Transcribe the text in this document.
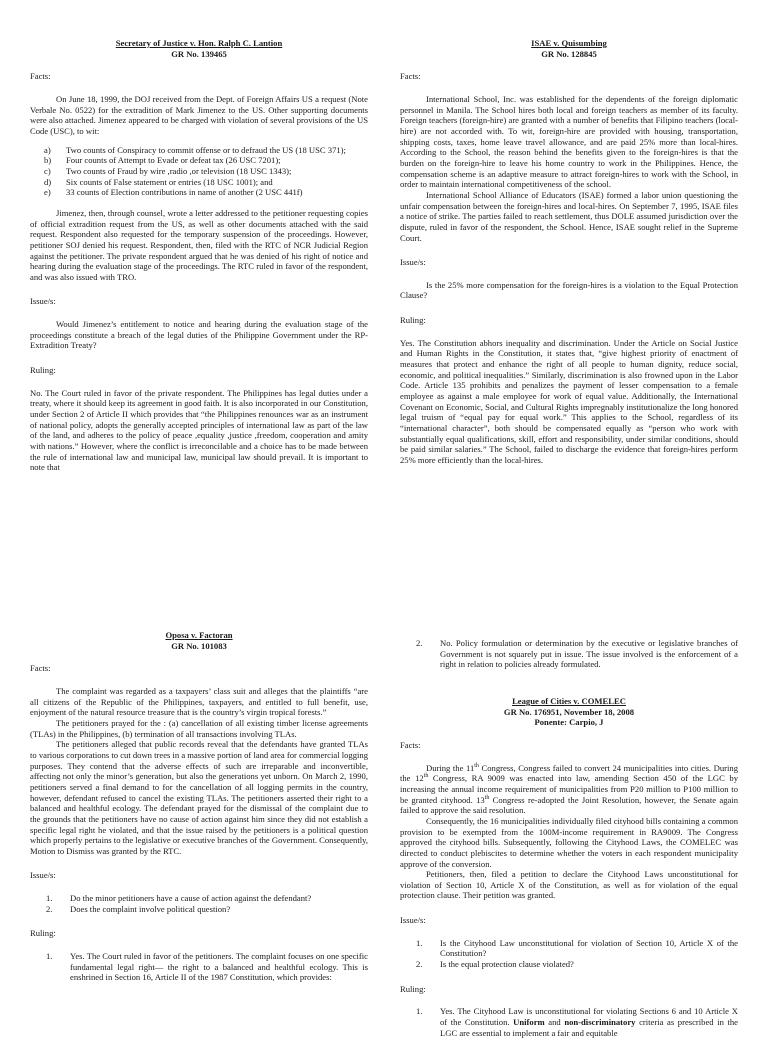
Secretary of Justice v. Hon. Ralph C. Lantion

GR No. 139465

Facts:

On June 18, 1999, the DOJ received from the Dept. of Foreign Affairs US a request (Note Verbale No. 0522) for the extradition of Mark Jimenez to the US. Other supporting documents were also attached. Jimenez appeared to be charged with violation of several provisions of the US Code (USC), to wit:

a) Two counts of Conspiracy to commit offense or to defraud the US (18 USC 371);
b) Four counts of Attempt to Evade or defeat tax (26 USC 7201);
c) Two counts of Fraud by wire ,radio ,or television (18 USC 1343);
d) Six counts of False statement or entries (18 USC 1001); and
e) 33 counts of Election contributions in name of another (2 USC 441f)

Jimenez, then, through counsel, wrote a letter addressed to the petitioner requesting copies of official extradition request from the US, as well as other documents attached with the said request. Respondent also requested for the temporary suspension of the proceedings. However, petitioner SOJ denied his request. Respondent, then, filed with the RTC of NCR Judicial Region against the petitioner. The private respondent argued that he was denied of his right of notice and hearing during the evaluation stage of the proceedings. The RTC ruled in favor of the respondent, and was also issued with TRO.

Issue/s:

Would Jimenez’s entitlement to notice and hearing during the evaluation stage of the proceedings constitute a breach of the legal duties of the Philippine Government under the RP-Extradition Treaty?

Ruling:

No. The Court ruled in favor of the private respondent. The Philippines has legal duties under a treaty, where it should keep its agreement in good faith. It is also incorporated in our Constitution, under Section 2 of Article II which provides that “the Philippines renounces war as an instrument of national policy, adopts the generally accepted principles of international law as part of the law of the land, and adheres to the policy of peace ,equality ,justice ,freedom, cooperation and amity with nations.” However, where the conflict is irreconcilable and a choice has to be made between the rule of international law and municipal law, municipal law should prevail. It is important to note that

ISAE v. Quisumbing

GR No. 128845

Facts:

International School, Inc. was established for the dependents of the foreign diplomatic personnel in Manila. The School hires both local and foreign teachers as member of its faculty. Foreign teachers (foreign-hire) are granted with a number of benefits that Filipino teachers (local-hire) are not accorded with. To wit, foreign-hire are provided with housing, transportation, shipping costs, taxes, home leave travel allowance, and are paid 25% more than local-hires. According to the School, the reason behind the benefits given to the foreign-hires is that the burden on the foreign-hire to leave his home country to work in the Philippines. Hence, the compensation scheme is an adaptive measure to attract foreign-hires to work with the School, in order to maintain international competitiveness of the school.

International School Alliance of Educators (ISAE) formed a labor union questioning the unfair compensation between the foreign-hires and local-hires. On September 7, 1995, ISAE files a notice of strike. The parties failed to reach settlement, thus DOLE assumed jurisdiction over the dispute, ruled in favor of the respondent, the School. Hence, ISAE sought relief in the Supreme Court.

Issue/s:

Is the 25% more compensation for the foreign-hires is a violation to the Equal Protection Clause?

Ruling:

Yes. The Constitution abhors inequality and discrimination. Under the Article on Social Justice and Human Rights in the Constitution, it states that, “give highest priority of enactment of measures that protect and enhance the right of all people to human dignity, reduce social, economic, and political inequalities.” Similarly, discrimination is also frowned upon in the Labor Code. Article 135 prohibits and penalizes the payment of lesser compensation to a female employee as against a male employee for work of equal value. Additionally, the International Covenant on Economic, Social, and Cultural Rights impregnably institutionalize the long honored legal truism of “equal pay for equal work.” This applies to the School, regardless of its “international character”, both should be compensated equally as “person who work with substantially equal qualifications, skill, effort and responsibility, under similar conditions, should be paid similar salaries.” The School, failed to discharge the evidence that foreign-hires perform 25% more efficiently than the local-hires.

Oposa v. Factoran

GR No. 101083

Facts:

The complaint was regarded as a taxpayers’ class suit and alleges that the plaintiffs “are all citizens of the Republic of the Philippines, taxpayers, and entitled to full benefit, use, enjoyment of the natural resource treasure that is the country’s virgin tropical forests.”

The petitioners prayed for the : (a) cancellation of all existing timber license agreements (TLAs) in the Philippines, (b) termination of all transactions involving TLAs.

The petitioners alleged that public records reveal that the defendants have granted TLAs to various corporations to cut down trees in a massive portion of land area for commercial logging purposes. They contend that the adverse effects of such are irreparable and inconvertible, affecting not only the minor’s generation, but also the generations yet unborn. On March 2, 1990, petitioners served a final demand to for the cancellation of all logging permits in the country, however, defendant refused to cancel the existing TLAs. The petitioners asserted their right to a balanced and healthful ecology. The defendant prayed for the dismissal of the complaint due to the grounds that the petitioners have no cause of action against him since they did not establish a specific legal right he violated, and that the issue raised by the petitioners is a political question which properly pertains to the legislative or executive branches of the Government. Consequently, Motion to Dismiss was granted by the RTC.

Issue/s:

1. Do the minor petitioners have a cause of action against the defendant?
2. Does the complaint involve political question?

Ruling:

1. Yes. The Court ruled in favor of the petitioners. The complaint focuses on one specific fundamental legal right— the right to a balanced and healthful ecology. This is enshrined in Section 16, Article II of the 1987 Constitution, which provides:
2. No. Policy formulation or determination by the executive or legislative branches of Government is not squarely put in issue. The issue involved is the enforcement of a right in relation to policies already formulated.

League of Cities v. COMELEC

GR No. 176951, November 18, 2008

Ponente: Carpio, J

Facts:

During the 11th Congress, Congress failed to convert 24 municipalities into cities. During the 12th Congress, RA 9009 was enacted into law, amending Section 450 of the LGC by increasing the annual income requirement of municipalities from P20 million to P100 million to be granted cityhood. 13th Congress re-adopted the Joint Resolution, however, the Senate again failed to approve the said resolution.

Consequently, the 16 municipalities individually filed cityhood bills containing a common provision to be exempted from the 100M-income requirement in RA9009. The Congress approved the cityhood bills. Subsequently, following the Cityhood Laws, the COMELEC was directed to conduct plebiscites to determine whether the voters in each respondent municipality approve of the conversion.

Petitioners, then, filed a petition to declare the Cityhood Laws unconstitutional for violation of Section 10, Article X of the Constitution, as well as for violation of the equal protection clause. Their petition was granted.

Issue/s:

1. Is the Cityhood Law unconstitutional for violation of Section 10, Article X of the Constitution?
2. Is the equal protection clause violated?

Ruling:

1. Yes. The Cityhood Law is unconstitutional for violating Sections 6 and 10 Article X of the Constitution. Uniform and non-discriminatory criteria as prescribed in the LGC are essential to implement a fair and equitable
